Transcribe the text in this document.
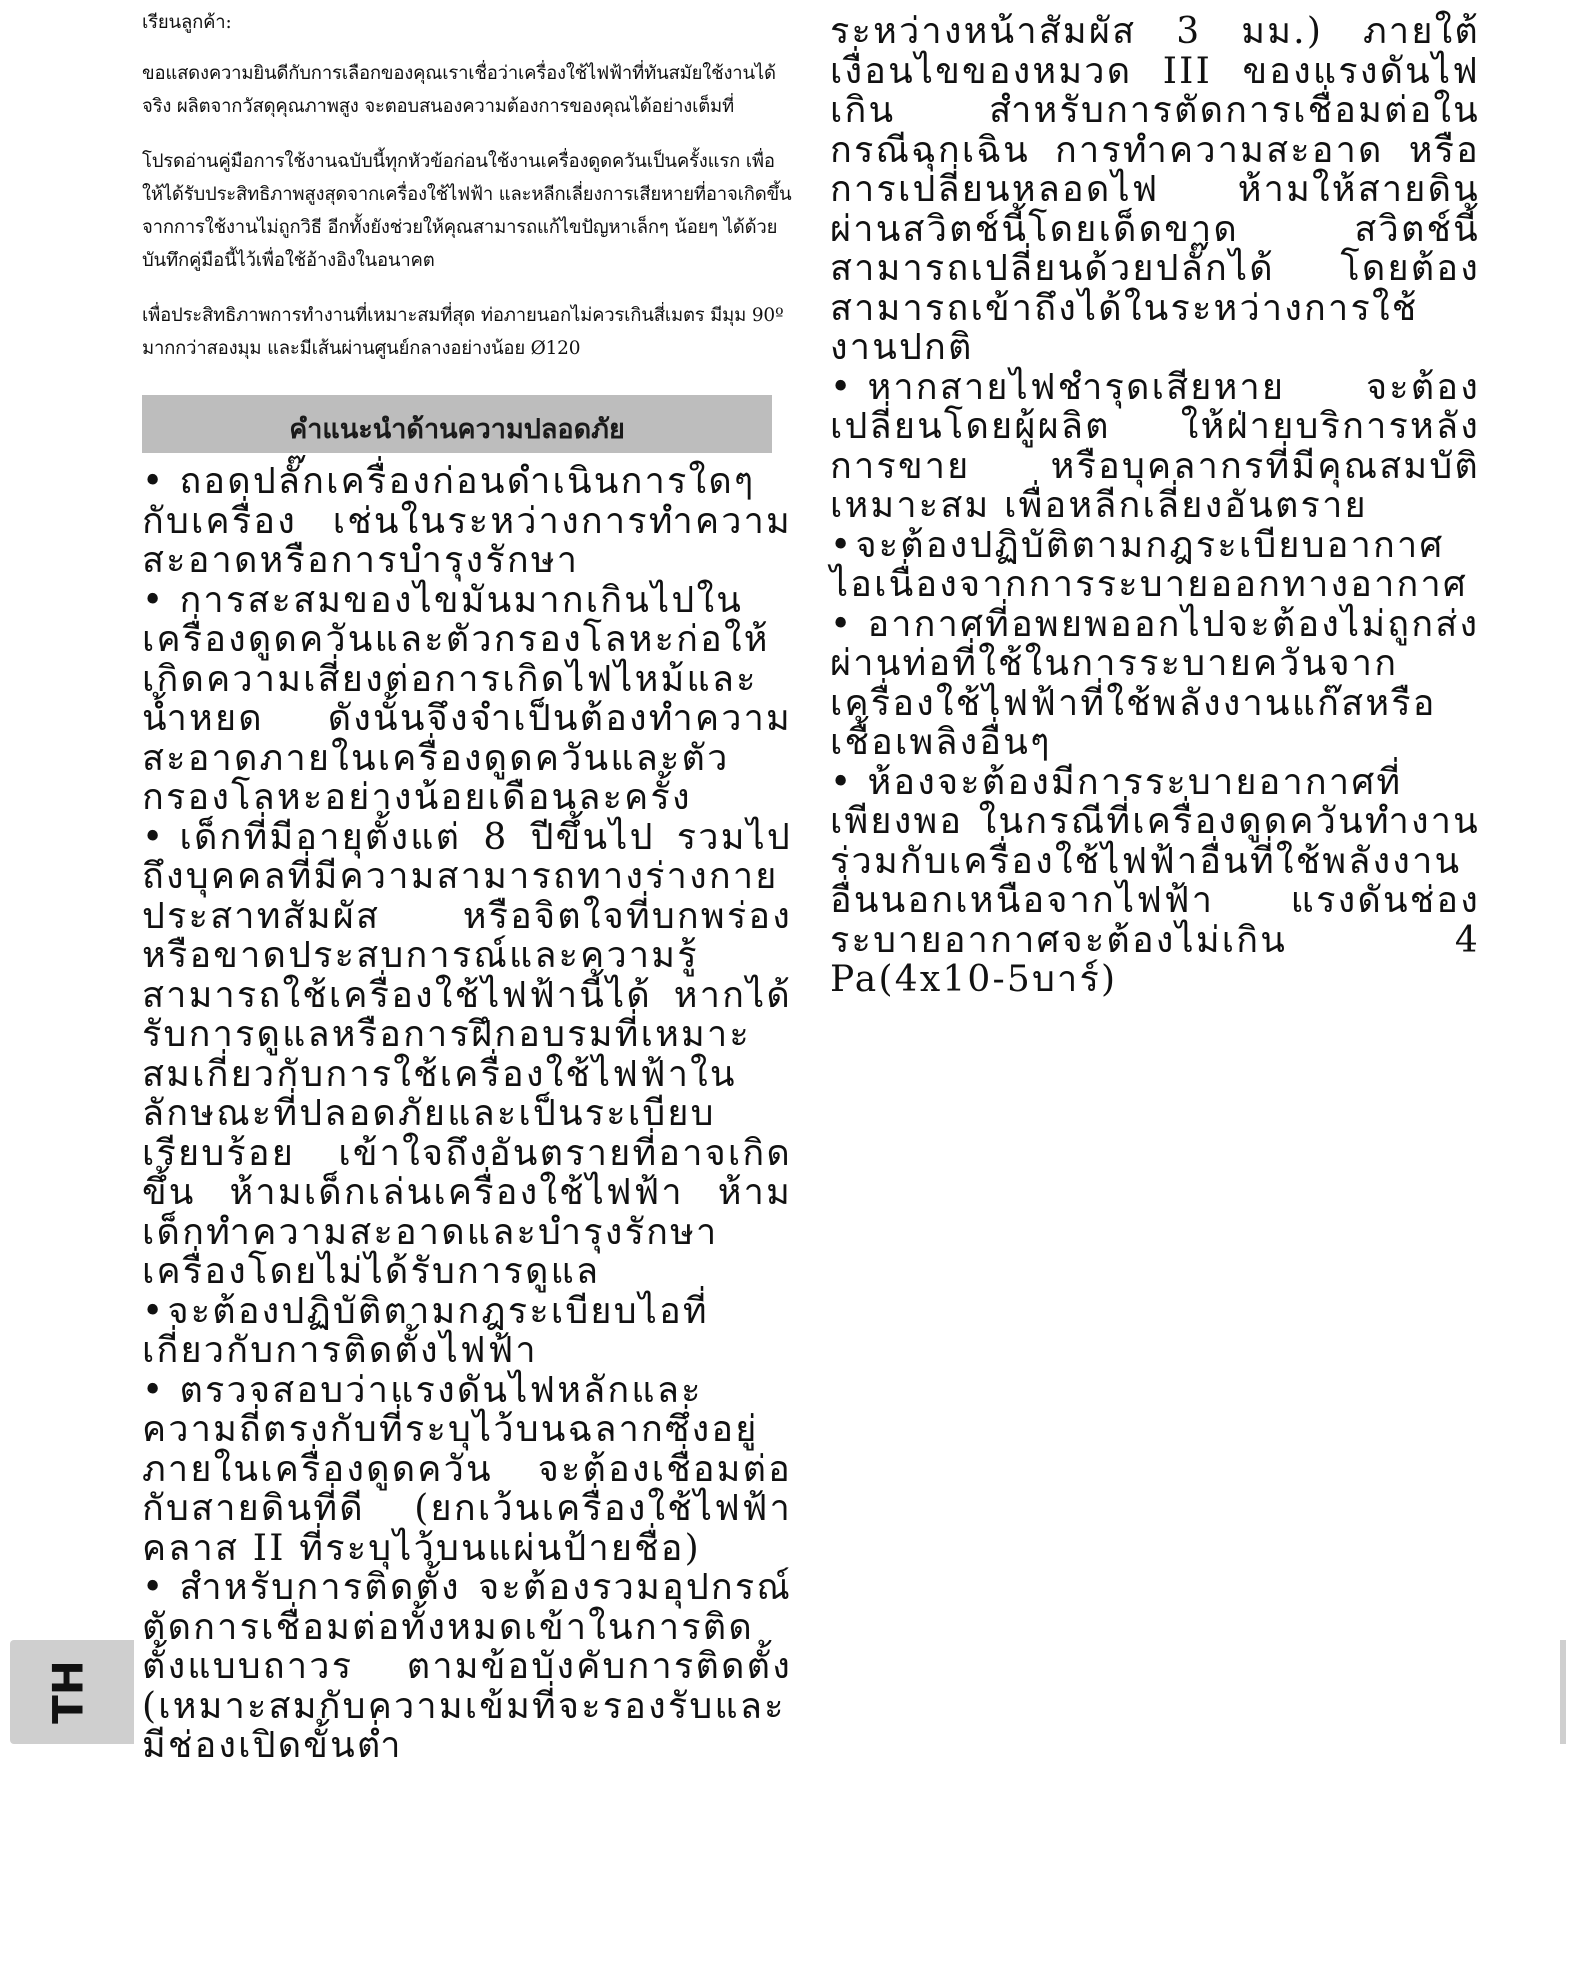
เรียนลูกค้า:

ขอแสดงความยินดีกับการเลือกของคุณเราเชื่อว่าเครื่องใช้ไฟฟ้าที่ทันสมัยใช้งานได้จริง ผลิตจากวัสดุคุณภาพสูง จะตอบสนองความต้องการของคุณได้อย่างเต็มที่

โปรดอ่านคู่มือการใช้งานฉบับนี้ทุกหัวข้อก่อนใช้งานเครื่องดูดควันเป็นครั้งแรก เพื่อให้ได้รับประสิทธิภาพสูงสุดจากเครื่องใช้ไฟฟ้า และหลีกเลี่ยงการเสียหายที่อาจเกิดขึ้นจากการใช้งานไม่ถูกวิธี อีกทั้งยังช่วยให้คุณสามารถแก้ไขปัญหาเล็กๆ น้อยๆ ได้ด้วย บันทึกคู่มือนี้ไว้เพื่อใช้อ้างอิงในอนาคต

เพื่อประสิทธิภาพการทำงานที่เหมาะสมที่สุด ท่อภายนอกไม่ควรเกินสี่เมตร มีมุม 90º มากกว่าสองมุม และมีเส้นผ่านศูนย์กลางอย่างน้อย Ø120

คำแนะนำด้านความปลอดภัย

• ถอดปลั๊กเครื่องก่อนดำเนินการใดๆ กับเครื่อง เช่นในระหว่างการทำความสะอาดหรือการบำรุงรักษา

• การสะสมของไขมันมากเกินไปในเครื่องดูดควันและตัวกรองโลหะก่อให้เกิดความเสี่ยงต่อการเกิดไฟไหม้และน้ำหยด ดังนั้นจึงจำเป็นต้องทำความสะอาดภายในเครื่องดูดควันและตัวกรองโลหะอย่างน้อยเดือนละครั้ง

• เด็กที่มีอายุตั้งแต่ 8 ปีขึ้นไป รวมไปถึงบุคคลที่มีความสามารถทางร่างกาย ประสาทสัมผัส หรือจิตใจที่บกพร่อง หรือขาดประสบการณ์และความรู้ สามารถใช้เครื่องใช้ไฟฟ้านี้ได้ หากได้รับการดูแลหรือการฝึกอบรมที่เหมาะสมเกี่ยวกับการใช้เครื่องใช้ไฟฟ้าในลักษณะที่ปลอดภัยและเป็นระเบียบเรียบร้อย เข้าใจถึงอันตรายที่อาจเกิดขึ้น ห้ามเด็กเล่นเครื่องใช้ไฟฟ้า ห้ามเด็กทำความสะอาดและบำรุงรักษาเครื่องโดยไม่ได้รับการดูแล

•จะต้องปฏิบัติตามกฎระเบียบไอที่เกี่ยวกับการติดตั้งไฟฟ้า

• ตรวจสอบว่าแรงดันไฟหลักและความถี่ตรงกับที่ระบุไว้บนฉลากซึ่งอยู่ภายในเครื่องดูดควัน จะต้องเชื่อมต่อกับสายดินที่ดี (ยกเว้นเครื่องใช้ไฟฟ้าคลาส II ที่ระบุไว้บนแผ่นป้ายชื่อ)

• สำหรับการติดตั้ง จะต้องรวมอุปกรณ์ตัดการเชื่อมต่อทั้งหมดเข้าในการติดตั้งแบบถาวร ตามข้อบังคับการติดตั้ง (เหมาะสมกับความเข้มที่จะรองรับและมีช่องเปิดขั้นต่ำ

ระหว่างหน้าสัมผัส 3 มม.) ภายใต้เงื่อนไขของหมวด III ของแรงดันไฟเกิน สำหรับการตัดการเชื่อมต่อในกรณีฉุกเฉิน การทำความสะอาด หรือการเปลี่ยนหลอดไฟ ห้ามให้สายดินผ่านสวิตช์นี้โดยเด็ดขาด สวิตช์นี้สามารถเปลี่ยนด้วยปลั๊กได้ โดยต้องสามารถเข้าถึงได้ในระหว่างการใช้งานปกติ

• หากสายไฟชำรุดเสียหาย จะต้องเปลี่ยนโดยผู้ผลิต ให้ฝ่ายบริการหลังการขาย หรือบุคลากรที่มีคุณสมบัติเหมาะสม เพื่อหลีกเลี่ยงอันตราย

•จะต้องปฏิบัติตามกฎระเบียบอากาศไอเนื่องจากการระบายออกทางอากาศ

• อากาศที่อพยพออกไปจะต้องไม่ถูกส่งผ่านท่อที่ใช้ในการระบายควันจากเครื่องใช้ไฟฟ้าที่ใช้พลังงานแก๊สหรือเชื้อเพลิงอื่นๆ

• ห้องจะต้องมีการระบายอากาศที่เพียงพอ ในกรณีที่เครื่องดูดควันทำงานร่วมกับเครื่องใช้ไฟฟ้าอื่นที่ใช้พลังงานอื่นนอกเหนือจากไฟฟ้า แรงดันช่องระบายอากาศจะต้องไม่เกิน 4 Pa(4x10-5บาร์)

TH
